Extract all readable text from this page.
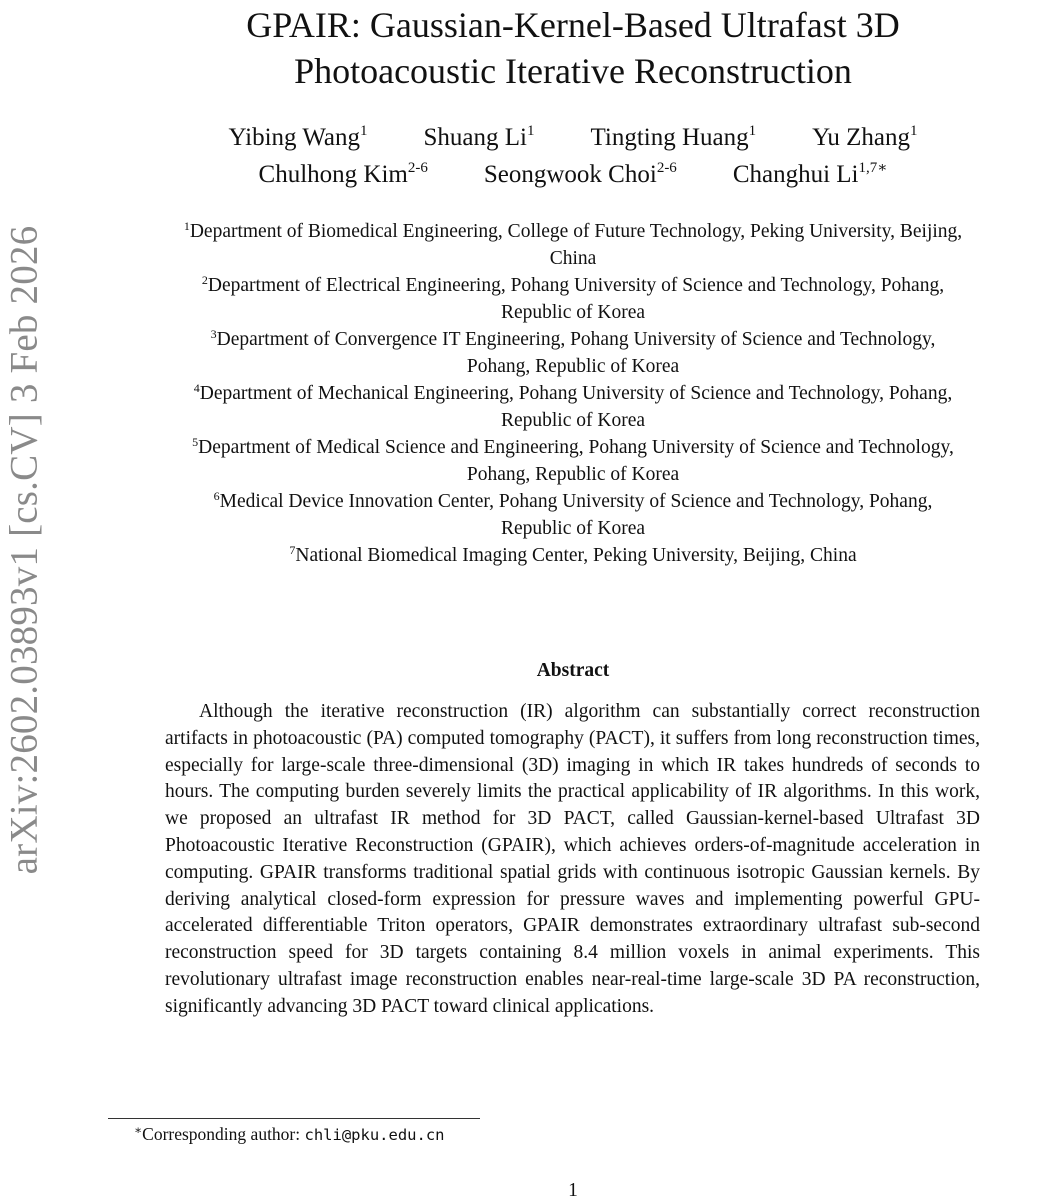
arXiv:2602.03893v1 [cs.CV] 3 Feb 2026
GPAIR: Gaussian-Kernel-Based Ultrafast 3D
Photoacoustic Iterative Reconstruction
Yibing Wang$^1$ Shuang Li$^1$ Tingting Huang$^1$ Yu Zhang$^1$
Chulhong Kim$^{2-6}$ Seongwook Choi$^{2-6}$ Changhui $Li^{1,7∗}$

$^1$Department of Biomedical Engineering, College of Future Technology, Peking University, Beijing,
China

$^2$Department of Electrical Engineering, Pohang University of Science and Technology, Pohang,
Republic of Korea

$^3$Department of Convergence IT Engineering, Pohang University of Science and Technology,
Pohang, Republic of Korea

$^4$Department of Mechanical Engineering, Pohang University of Science and Technology, Pohang,
Republic of Korea

$^5$Department of Medical Science and Engineering, Pohang University of Science and Technology,
Pohang, Republic of Korea

$^6$Medical Device Innovation Center, Pohang University of Science and Technology, Pohang,
Republic of Korea

$^7$National Biomedical Imaging Center, Peking University, Beijing, China

Abstract

Although the iterative reconstruction (IR) algorithm can substantially correct reconstruction artifacts in photoacoustic (PA) computed tomography (PACT), it suffers from long reconstruction times, especially for large-scale three-dimensional (3D) imaging in which IR takes hundreds of seconds to hours. The computing burden severely limits the practical applicability of IR algorithms. In this work, we proposed an ultrafast IR method for 3D PACT, called Gaussian-kernel-based Ultrafast 3D Photoacoustic Iterative Reconstruction (GPAIR), which achieves orders-of-magnitude acceleration in computing. GPAIR transforms traditional spatial grids with continuous isotropic Gaussian kernels. By deriving analytical closed-form expression for pressure waves and implementing powerful GPU-accelerated differentiable Triton operators, GPAIR demonstrates extraordinary ultrafast sub-second reconstruction speed for 3D targets containing 8.4 million voxels in animal experiments. This revolutionary ultrafast image reconstruction enables near-real-time large-scale 3D PA reconstruction, significantly advancing 3D PACT toward clinical applications.

∗Corresponding author: chli@pku.edu.cn
1
